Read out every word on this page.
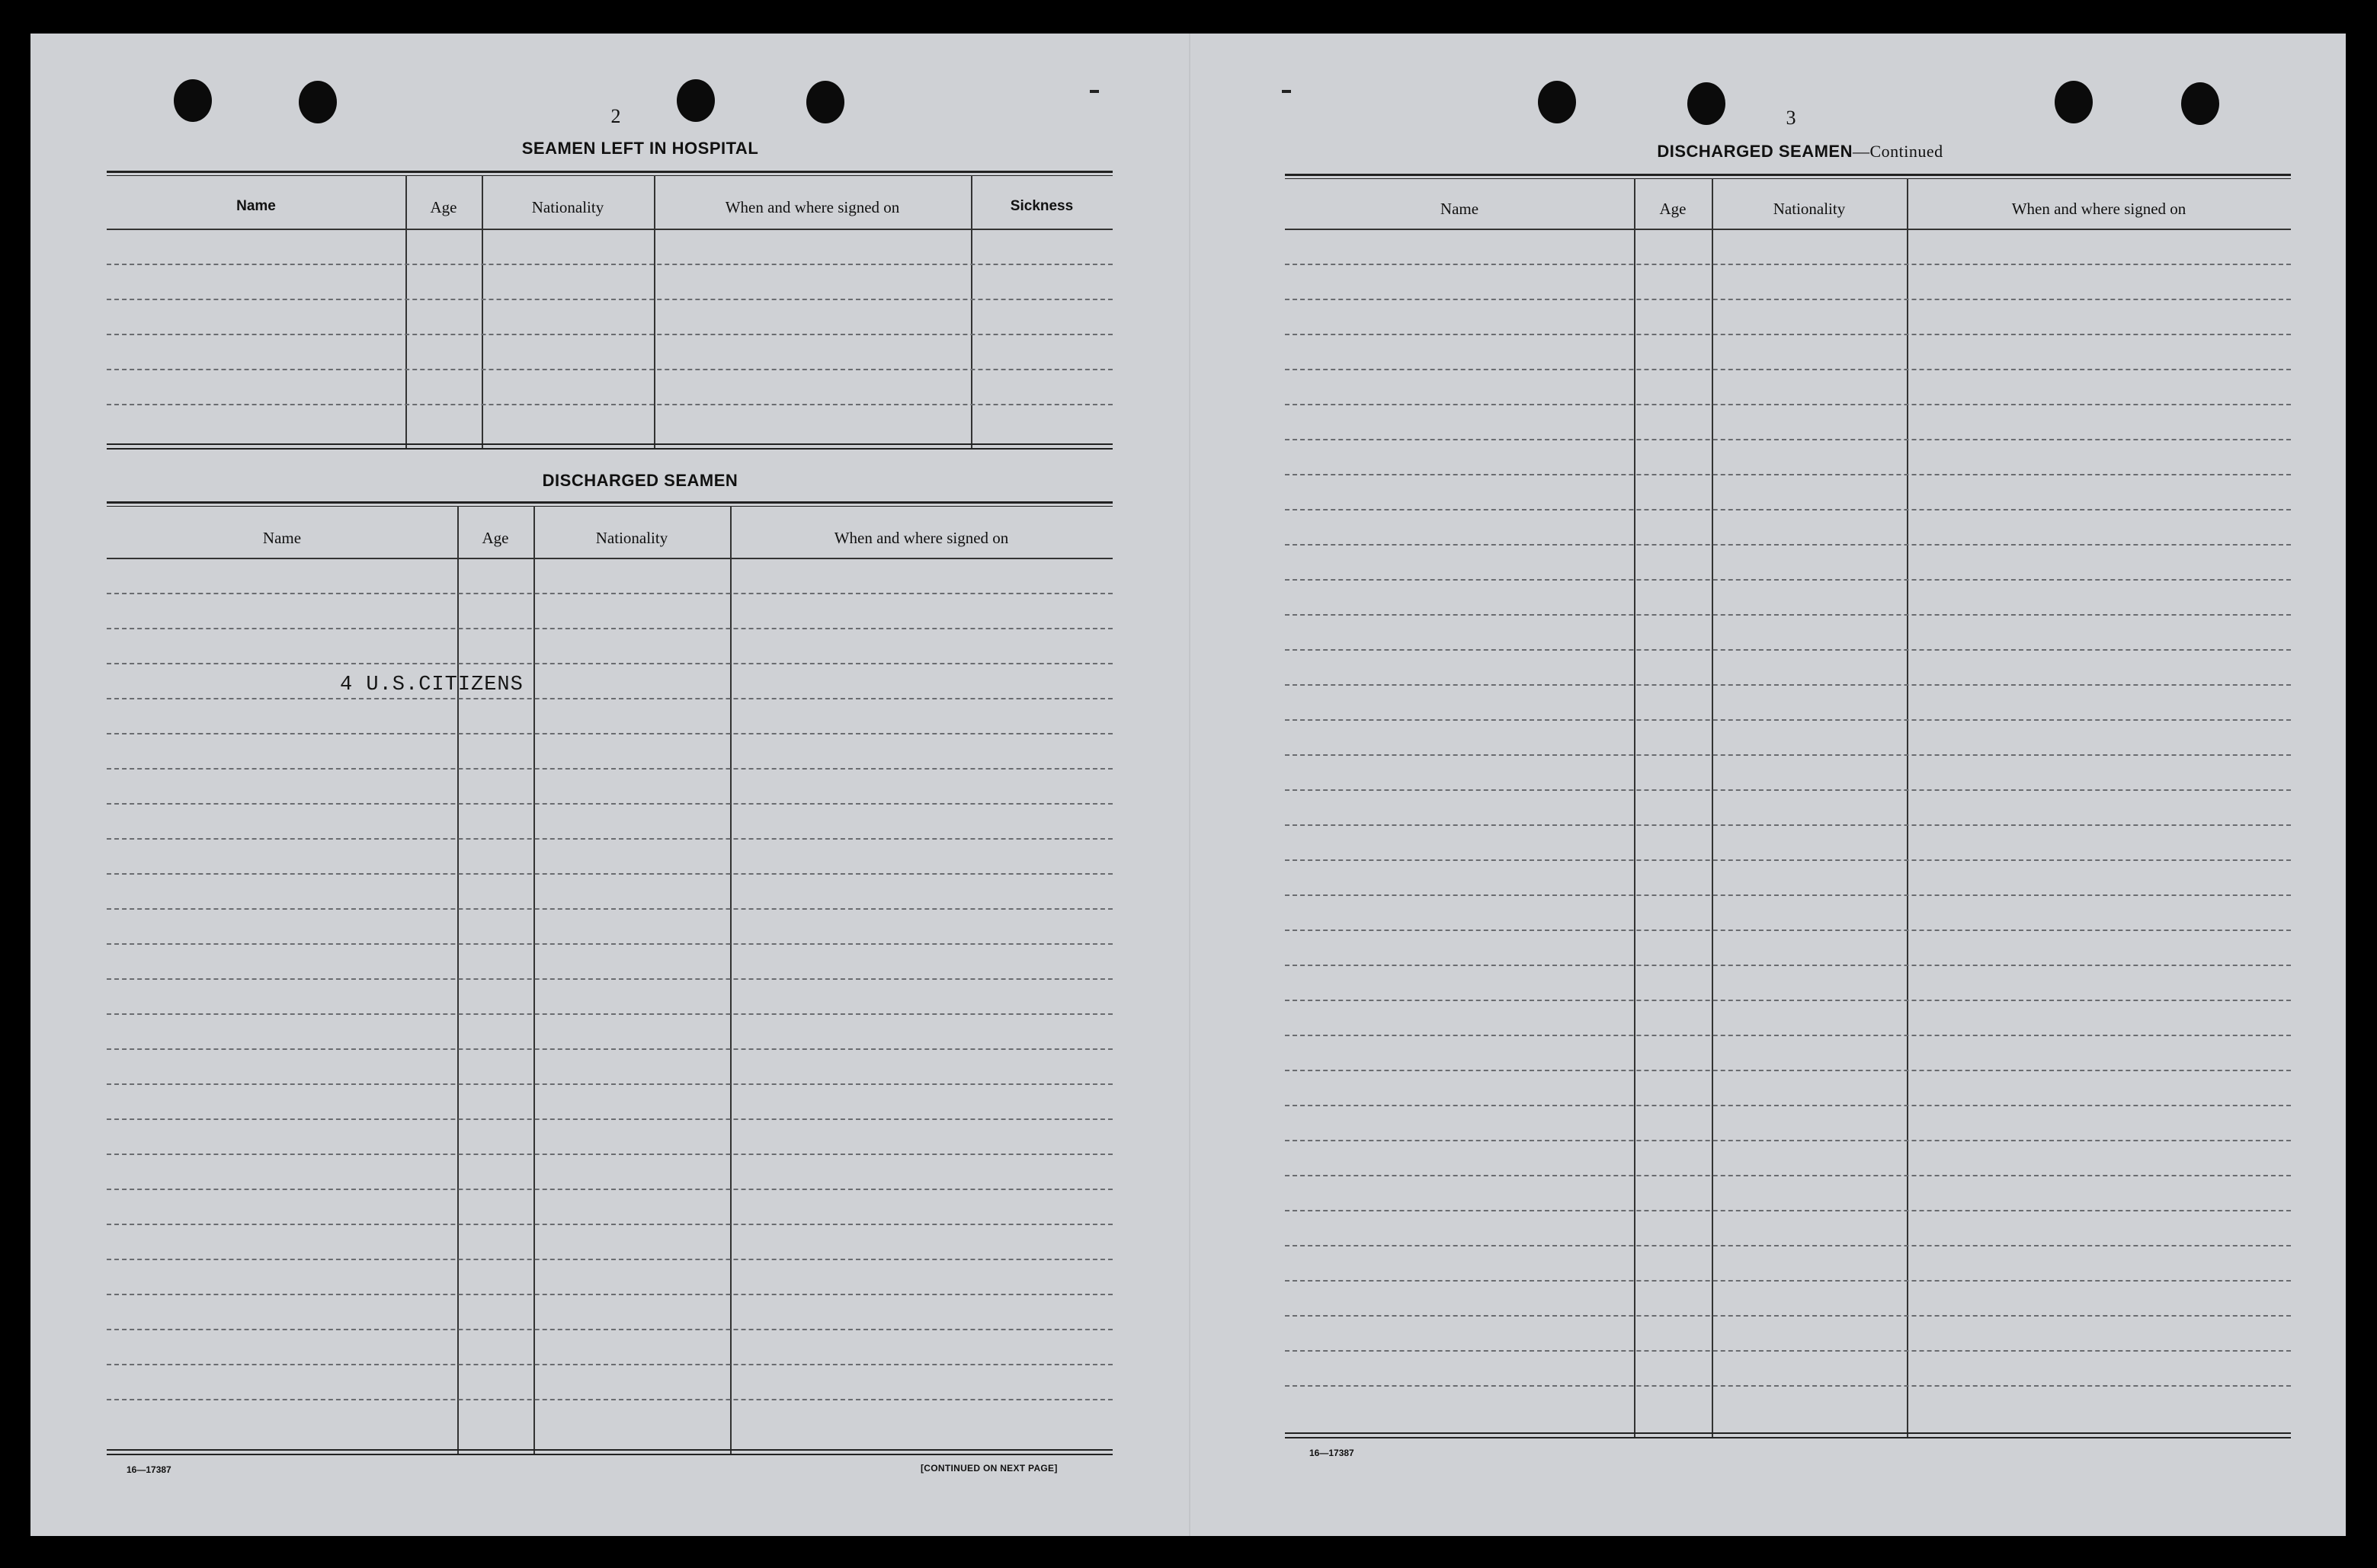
2
SEAMEN LEFT IN HOSPITAL
Name	Age	Nationality	When and where signed on	Sickness
DISCHARGED SEAMEN
Name	Age	Nationality	When and where signed on
4 U.S.CITIZENS
16—17387	[CONTINUED ON NEXT PAGE]
3
DISCHARGED SEAMEN—Continued
Name	Age	Nationality	When and where signed on
16—17387
